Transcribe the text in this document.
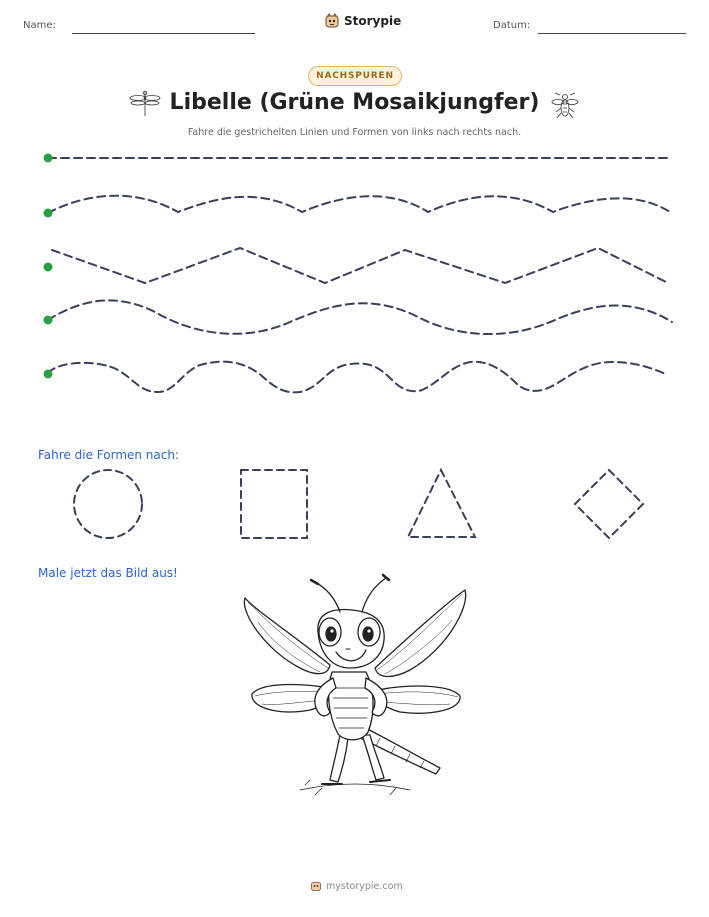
Name:	Storypie	Datum:
NACHSPUREN
Libelle (Grüne Mosaikjungfer)
Fahre die gestrichelten Linien und Formen von links nach rechts nach.
Fahre die Formen nach:
Male jetzt das Bild aus!
mystorypie.com
